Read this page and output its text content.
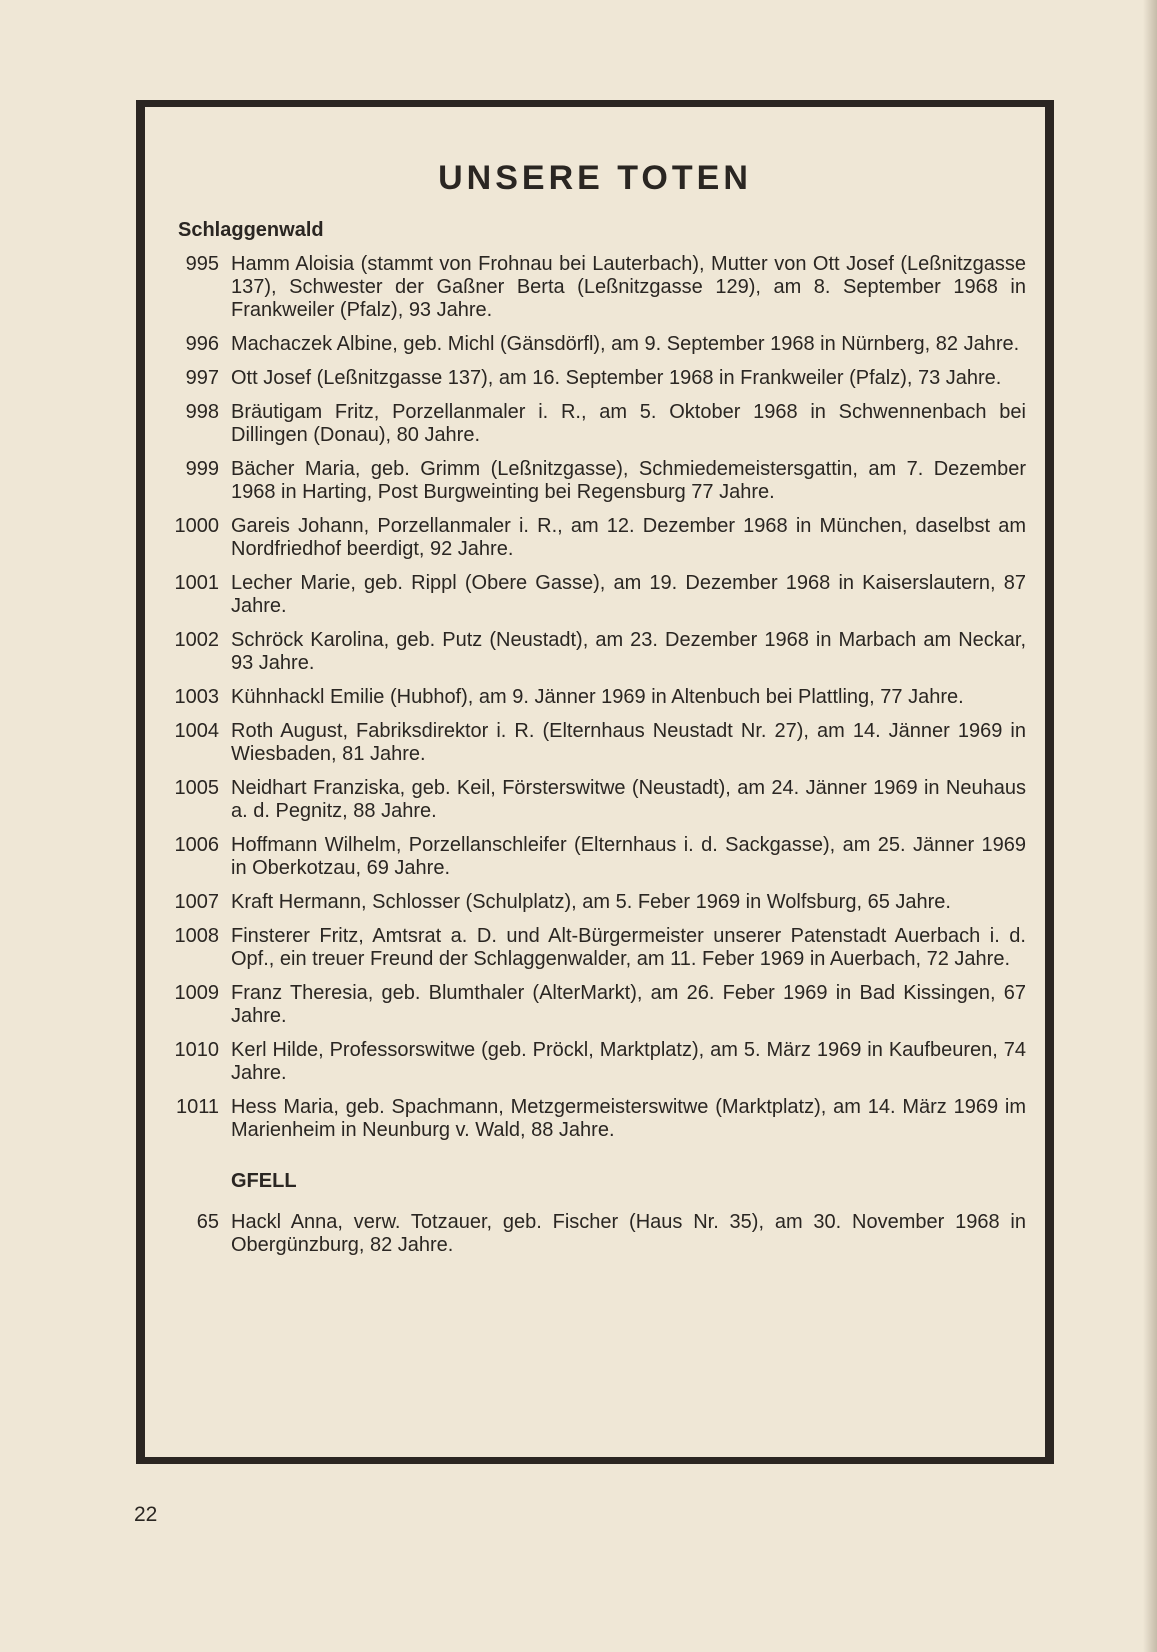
UNSERE TOTEN
Schlaggenwald
995 Hamm Aloisia (stammt von Frohnau bei Lauterbach), Mutter von Ott Josef (Leßnitzgasse 137), Schwester der Gaßner Berta (Leßnitzgasse 129), am 8. September 1968 in Frankweiler (Pfalz), 93 Jahre.
996 Machaczek Albine, geb. Michl (Gänsdörfl), am 9. September 1968 in Nürnberg, 82 Jahre.
997 Ott Josef (Leßnitzgasse 137), am 16. September 1968 in Frankweiler (Pfalz), 73 Jahre.
998 Bräutigam Fritz, Porzellanmaler i. R., am 5. Oktober 1968 in Schwennenbach bei Dillingen (Donau), 80 Jahre.
999 Bächer Maria, geb. Grimm (Leßnitzgasse), Schmiedemeistersgattin, am 7. Dezember 1968 in Harting, Post Burgweinting bei Regensburg 77 Jahre.
1000 Gareis Johann, Porzellanmaler i. R., am 12. Dezember 1968 in München, daselbst am Nordfriedhof beerdigt, 92 Jahre.
1001 Lecher Marie, geb. Rippl (Obere Gasse), am 19. Dezember 1968 in Kaiserslautern, 87 Jahre.
1002 Schröck Karolina, geb. Putz (Neustadt), am 23. Dezember 1968 in Marbach am Neckar, 93 Jahre.
1003 Kühnhackl Emilie (Hubhof), am 9. Jänner 1969 in Altenbuch bei Plattling, 77 Jahre.
1004 Roth August, Fabriksdirektor i. R. (Elternhaus Neustadt Nr. 27), am 14. Jänner 1969 in Wiesbaden, 81 Jahre.
1005 Neidhart Franziska, geb. Keil, Försterswitwe (Neustadt), am 24. Jänner 1969 in Neuhaus a. d. Pegnitz, 88 Jahre.
1006 Hoffmann Wilhelm, Porzellanschleifer (Elternhaus i. d. Sackgasse), am 25. Jänner 1969 in Oberkotzau, 69 Jahre.
1007 Kraft Hermann, Schlosser (Schulplatz), am 5. Feber 1969 in Wolfsburg, 65 Jahre.
1008 Finsterer Fritz, Amtsrat a. D. und Alt-Bürgermeister unserer Patenstadt Auerbach i. d. Opf., ein treuer Freund der Schlaggenwalder, am 11. Feber 1969 in Auerbach, 72 Jahre.
1009 Franz Theresia, geb. Blumthaler (AlterMarkt), am 26. Feber 1969 in Bad Kissingen, 67 Jahre.
1010 Kerl Hilde, Professorswitwe (geb. Pröckl, Marktplatz), am 5. März 1969 in Kaufbeuren, 74 Jahre.
1011 Hess Maria, geb. Spachmann, Metzgermeisterswitwe (Marktplatz), am 14. März 1969 im Marienheim in Neunburg v. Wald, 88 Jahre.
GFELL
65 Hackl Anna, verw. Totzauer, geb. Fischer (Haus Nr. 35), am 30. November 1968 in Obergünzburg, 82 Jahre.
22
